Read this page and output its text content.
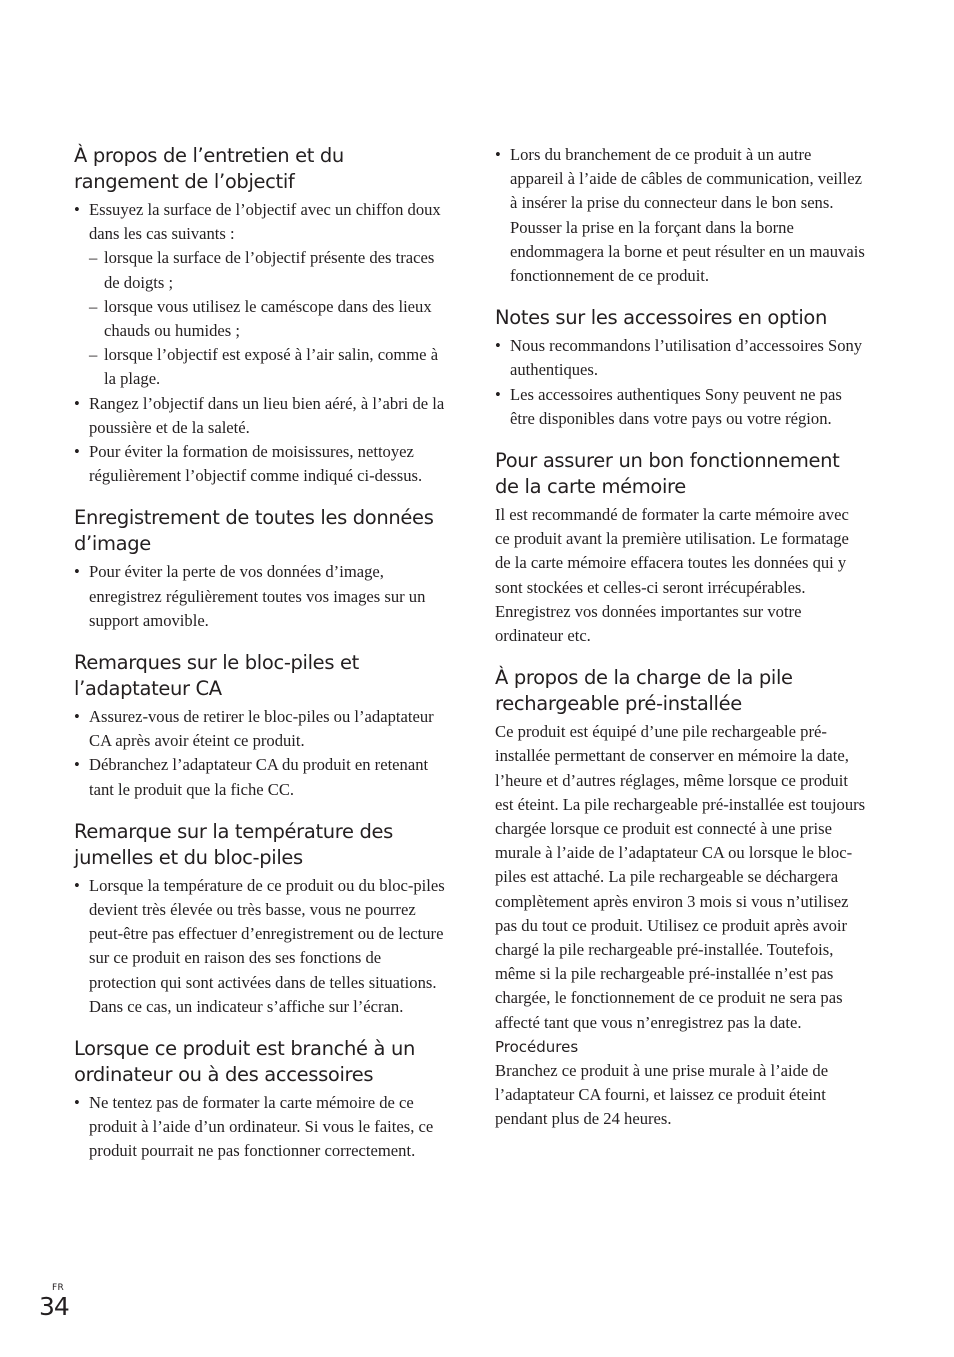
À propos de l’entretien et du rangement de l’objectif
• Essuyez la surface de l’objectif avec un chiffon doux dans les cas suivants :
– lorsque la surface de l’objectif présente des traces de doigts ;
– lorsque vous utilisez le caméscope dans des lieux chauds ou humides ;
– lorsque l’objectif est exposé à l’air salin, comme à la plage.
• Rangez l’objectif dans un lieu bien aéré, à l’abri de la poussière et de la saleté.
• Pour éviter la formation de moisissures, nettoyez régulièrement l’objectif comme indiqué ci-dessus.
Enregistrement de toutes les données d’image
• Pour éviter la perte de vos données d’image, enregistrez régulièrement toutes vos images sur un support amovible.
Remarques sur le bloc-piles et l’adaptateur CA
• Assurez-vous de retirer le bloc-piles ou l’adaptateur CA après avoir éteint ce produit.
• Débranchez l’adaptateur CA du produit en retenant tant le produit que la fiche CC.
Remarque sur la température des jumelles et du bloc-piles
• Lorsque la température de ce produit ou du bloc-piles devient très élevée ou très basse, vous ne pourrez peut-être pas effectuer d’enregistrement ou de lecture sur ce produit en raison des ses fonctions de protection qui sont activées dans de telles situations. Dans ce cas, un indicateur s’affiche sur l’écran.
Lorsque ce produit est branché à un ordinateur ou à des accessoires
• Ne tentez pas de formater la carte mémoire de ce produit à l’aide d’un ordinateur. Si vous le faites, ce produit pourrait ne pas fonctionner correctement.
• Lors du branchement de ce produit à un autre appareil à l’aide de câbles de communication, veillez à insérer la prise du connecteur dans le bon sens. Pousser la prise en la forçant dans la borne endommagera la borne et peut résulter en un mauvais fonctionnement de ce produit.
Notes sur les accessoires en option
• Nous recommandons l’utilisation d’accessoires Sony authentiques.
• Les accessoires authentiques Sony peuvent ne pas être disponibles dans votre pays ou votre région.
Pour assurer un bon fonctionnement de la carte mémoire

Il est recommandé de formater la carte mémoire avec ce produit avant la première utilisation. Le formatage de la carte mémoire effacera toutes les données qui y sont stockées et celles-ci seront irrécupérables. Enregistrez vos données importantes sur votre ordinateur etc.

À propos de la charge de la pile rechargeable pré-installée

Ce produit est équipé d’une pile rechargeable pré-installée permettant de conserver en mémoire la date, l’heure et d’autres réglages, même lorsque ce produit est éteint. La pile rechargeable pré-installée est toujours chargée lorsque ce produit est connecté à une prise murale à l’aide de l’adaptateur CA ou lorsque le bloc-piles est attaché. La pile rechargeable se déchargera complètement après environ 3 mois si vous n’utilisez pas du tout ce produit. Utilisez ce produit après avoir chargé la pile rechargeable pré-installée. Toutefois, même si la pile rechargeable pré-installée n’est pas chargée, le fonctionnement de ce produit ne sera pas affecté tant que vous n’enregistrez pas la date.

Procédures

Branchez ce produit à une prise murale à l’aide de l’adaptateur CA fourni, et laissez ce produit éteint pendant plus de 24 heures.

FR
34
